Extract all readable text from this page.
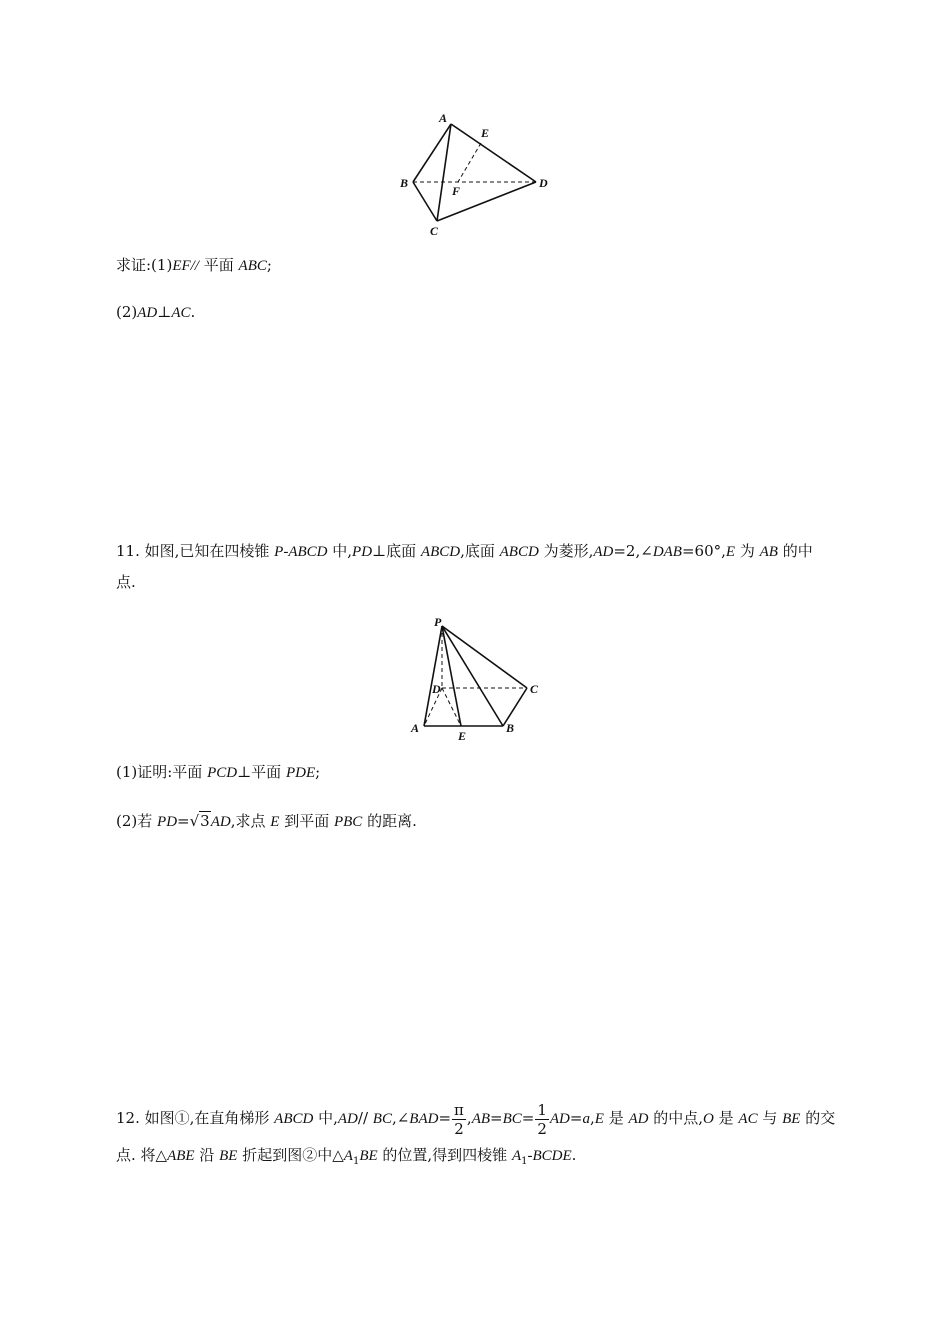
A
E
B
F
D
C
求证:(1)EF// 平面 ABC;
(2)AD⊥AC.
11. 如图,已知在四棱锥 P-ABCD 中,PD⊥底面 ABCD,底面 ABCD 为菱形,AD=2,∠DAB=60°,E 为 AB 的中
点.
P
D	C
A
E
B
(1)证明:平面 PCD⊥平面 PDE;
(2)若 PD=√3AD,求点 E 到平面 PBC 的距离.
12. 如图①,在直角梯形 ABCD 中,AD// BC,∠BAD= $\frac{\pi}{2} ,AB=BC= \frac{1}{2} AD=a,E$ 是 AD 的中点,O 是 AC 与 BE 的交
点. 将△ABE 沿 BE 折起到图②中$\triangle A_1BE$ 的位置,得到四棱锥 $A_1$-BCDE.
